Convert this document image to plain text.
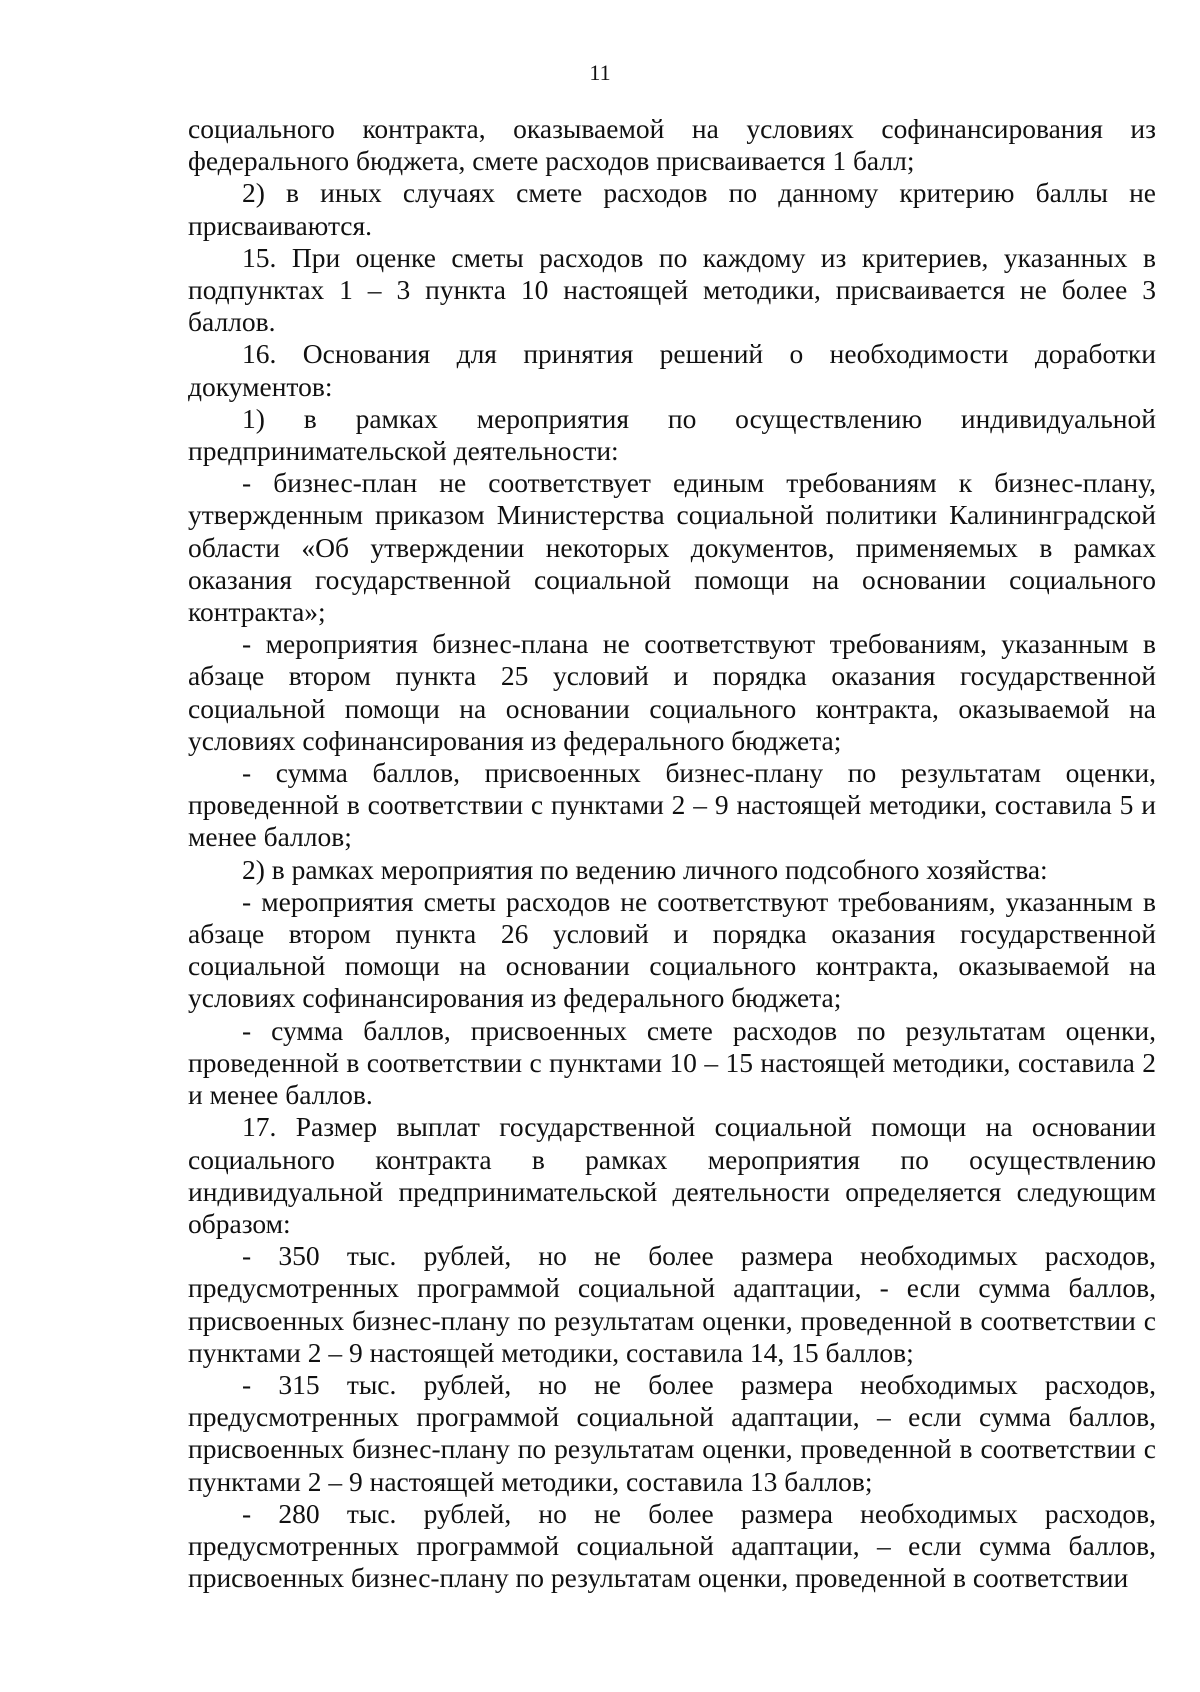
11

социального контракта, оказываемой на условиях софинансирования из федерального бюджета, смете расходов присваивается 1 балл;

2) в иных случаях смете расходов по данному критерию баллы не присваиваются.

15. При оценке сметы расходов по каждому из критериев, указанных в подпунктах 1 – 3 пункта 10 настоящей методики, присваивается не более 3 баллов.

16. Основания для принятия решений о необходимости доработки документов:

1) в рамках мероприятия по осуществлению индивидуальной предпринимательской деятельности:

- бизнес-план не соответствует единым требованиям к бизнес-плану, утвержденным приказом Министерства социальной политики Калининградской области «Об утверждении некоторых документов, применяемых в рамках оказания государственной социальной помощи на основании социального контракта»;

- мероприятия бизнес-плана не соответствуют требованиям, указанным в абзаце втором пункта 25 условий и порядка оказания государственной социальной помощи на основании социального контракта, оказываемой на условиях софинансирования из федерального бюджета;

- сумма баллов, присвоенных бизнес-плану по результатам оценки, проведенной в соответствии с пунктами 2 – 9 настоящей методики, составила 5 и менее баллов;

2) в рамках мероприятия по ведению личного подсобного хозяйства:

- мероприятия сметы расходов не соответствуют требованиям, указанным в абзаце втором пункта 26 условий и порядка оказания государственной социальной помощи на основании социального контракта, оказываемой на условиях софинансирования из федерального бюджета;

- сумма баллов, присвоенных смете расходов по результатам оценки, проведенной в соответствии с пунктами 10 – 15 настоящей методики, составила 2 и менее баллов.

17. Размер выплат государственной социальной помощи на основании социального контракта в рамках мероприятия по осуществлению индивидуальной предпринимательской деятельности определяется следующим образом:

- 350 тыс. рублей, но не более размера необходимых расходов, предусмотренных программой социальной адаптации, - если сумма баллов, присвоенных бизнес-плану по результатам оценки, проведенной в соответствии с пунктами 2 – 9 настоящей методики, составила 14, 15 баллов;

- 315 тыс. рублей, но не более размера необходимых расходов, предусмотренных программой социальной адаптации, – если сумма баллов, присвоенных бизнес-плану по результатам оценки, проведенной в соответствии с пунктами 2 – 9 настоящей методики, составила 13 баллов;

- 280 тыс. рублей, но не более размера необходимых расходов, предусмотренных программой социальной адаптации, – если сумма баллов, присвоенных бизнес-плану по результатам оценки, проведенной в соответствии
